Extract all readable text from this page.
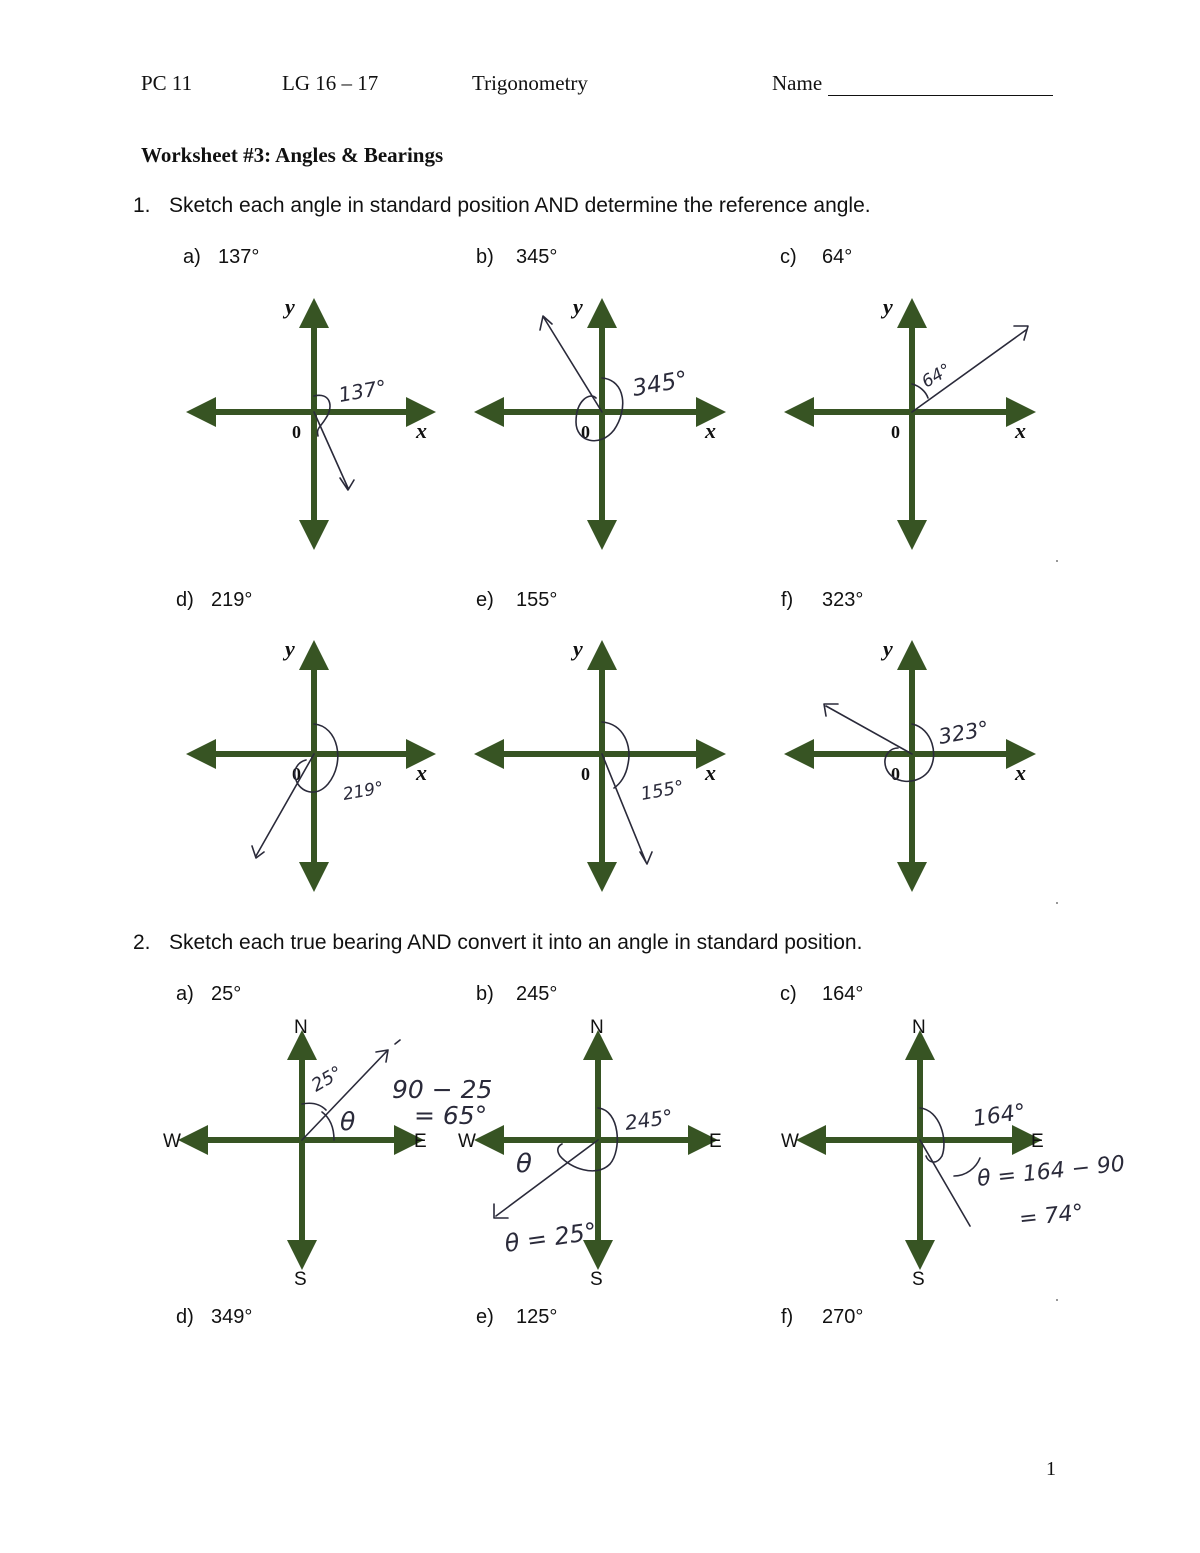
PC 11	LG 16 – 17	Trigonometry	Name
Worksheet #3: Angles & Bearings
1. Sketch each angle in standard position AND determine the reference angle.
a) 137°	b) 345°	c) 64°
d) 219°	e) 155°	f) 323°
2. Sketch each true bearing AND convert it into an angle in standard position.
a) 25°	b) 245°	c) 164°
d) 349°	e) 125°	f) 270°
1
y
x
0
y
x
0
y
x
0
y
x
0
y
x
0
y
x
0
137°	345°	64°
219°	155°
323°
N
S
E
W
N
S
E
W
N
S
E
W
25°
θ
90 − 25
= 65°	245°
θ
θ = 25°
164°
θ = 164 − 90
= 74°
